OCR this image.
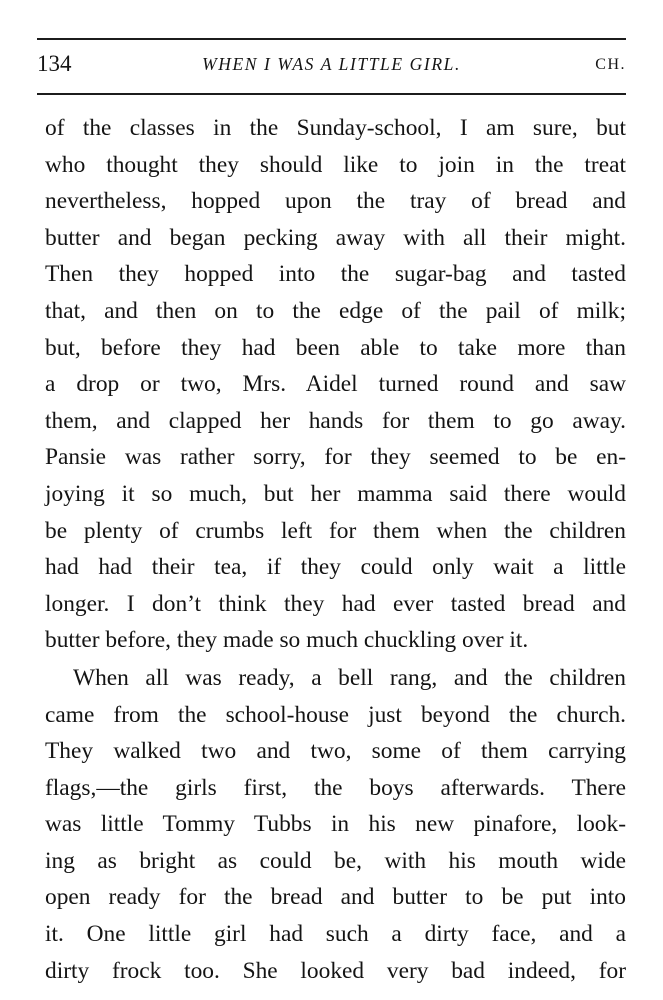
134	WHEN I WAS A LITTLE GIRL.	CH.
of the classes in the Sunday-school, I am sure, but
who thought they should like to join in the treat
nevertheless, hopped upon the tray of bread and
butter and began pecking away with all their might.
Then they hopped into the sugar-bag and tasted
that, and then on to the edge of the pail of milk;
but, before they had been able to take more than
a drop or two, Mrs. Aidel turned round and saw
them, and clapped her hands for them to go away.
Pansie was rather sorry, for they seemed to be en-
joying it so much, but her mamma said there would
be plenty of crumbs left for them when the children
had had their tea, if they could only wait a little
longer. I don’t think they had ever tasted bread and
butter before, they made so much chuckling over it.
When all was ready, a bell rang, and the children
came from the school-house just beyond the church.
They walked two and two, some of them carrying
flags,—the girls first, the boys afterwards. There
was little Tommy Tubbs in his new pinafore, look-
ing as bright as could be, with his mouth wide
open ready for the bread and butter to be put into
it. One little girl had such a dirty face, and a
dirty frock too. She looked very bad indeed, for
